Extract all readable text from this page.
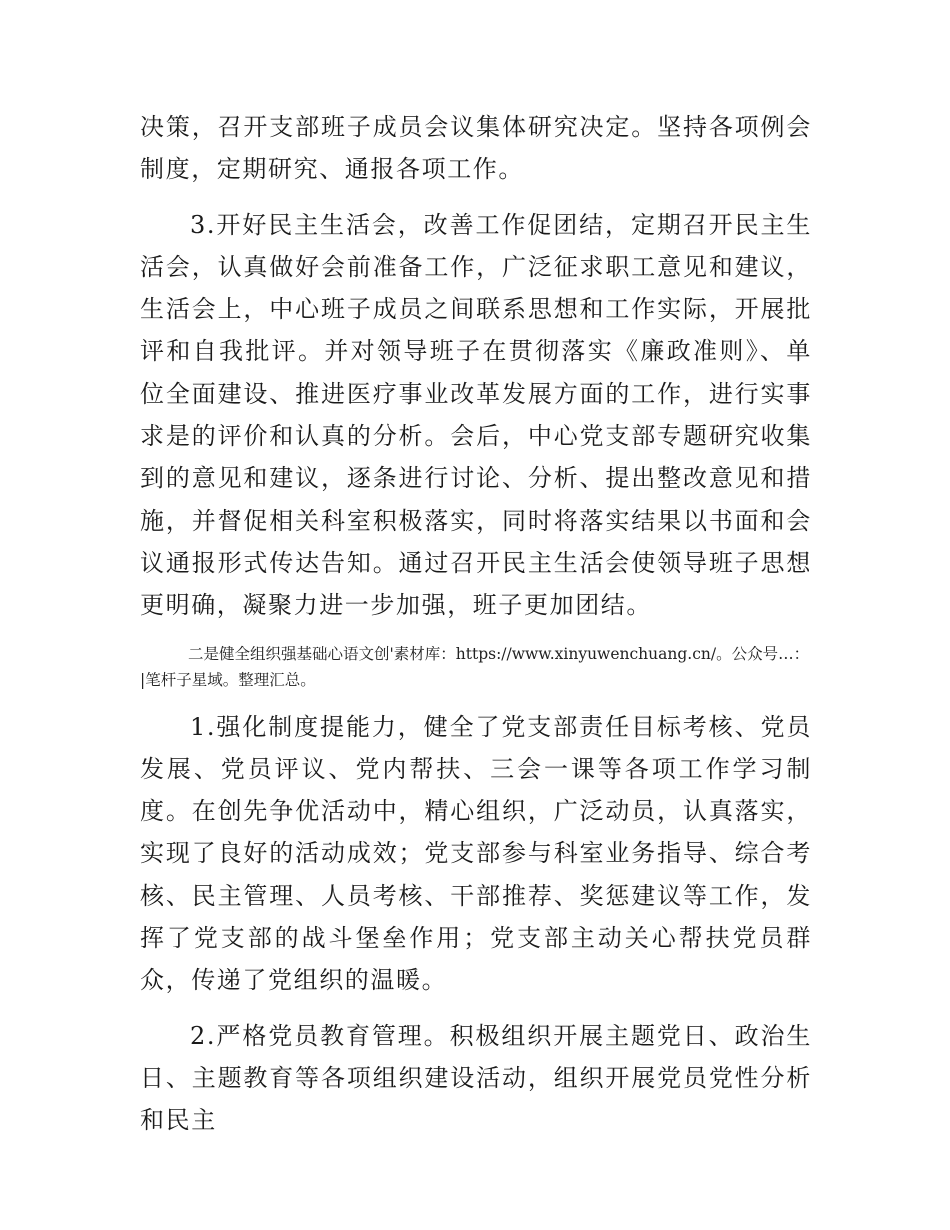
决策，召开支部班子成员会议集体研究决定。坚持各项例会制度，定期研究、通报各项工作。

3.开好民主生活会，改善工作促团结，定期召开民主生活会，认真做好会前准备工作，广泛征求职工意见和建议，生活会上，中心班子成员之间联系思想和工作实际，开展批评和自我批评。并对领导班子在贯彻落实《廉政准则》、单位全面建设、推进医疗事业改革发展方面的工作，进行实事求是的评价和认真的分析。会后，中心党支部专题研究收集到的意见和建议，逐条进行讨论、分析、提出整改意见和措施，并督促相关科室积极落实，同时将落实结果以书面和会议通报形式传达告知。通过召开民主生活会使领导班子思想更明确，凝聚力进一步加强，班子更加团结。

二是健全组织强基础心语文创'素材库：https://www.xinyuwenchuang.cn/。公众号…：
|笔杆子星域。整理汇总。

1.强化制度提能力，健全了党支部责任目标考核、党员发展、党员评议、党内帮扶、三会一课等各项工作学习制度。在创先争优活动中，精心组织，广泛动员，认真落实，实现了良好的活动成效；党支部参与科室业务指导、综合考核、民主管理、人员考核、干部推荐、奖惩建议等工作，发挥了党支部的战斗堡垒作用；党支部主动关心帮扶党员群众，传递了党组织的温暖。

2.严格党员教育管理。积极组织开展主题党日、政治生日、主题教育等各项组织建设活动，组织开展党员党性分析和民主
